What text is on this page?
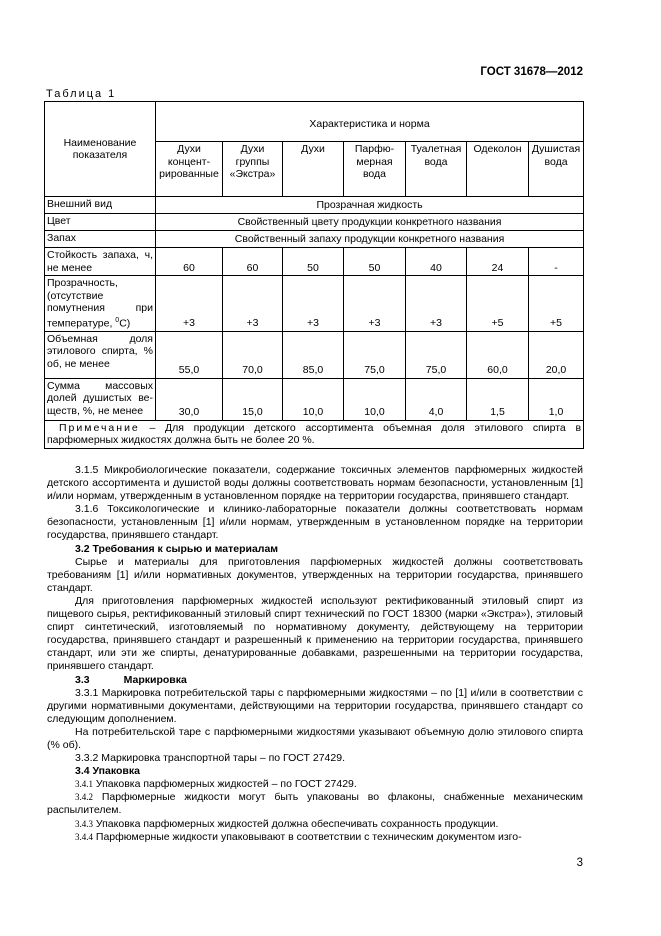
ГОСТ 31678—2012
Таблица 1
Наименование показателя	Характеристика и норма						
	Духи концентрированные	Духи группы «Экстра»	Духи	Парфюмерная вода	Туалетная вода	Одеколон	Душистая вода
Внешний вид	Прозрачная жидкость						
Цвет	Свойственный цвету продукции конкретного названия						
Запах	Свойственный запаху продукции конкретного названия						
Стойкость запаха, ч, не менее	60	60	50	50	40	24	-
Прозрачность, (отсутствие помутнения при температуре, $^0$С)	+3	+3	+3	+3	+3	+5	+5
Объемная доля этилового спирта, % об, не менее	55,0	70,0	85,0	75,0	75,0	60,0	20,0
Сумма массовых долей душистых веществ, %, не менее	30,0	15,0	10,0	10,0	4,0	1,5	1,0
Примечание – Для продукции детского ассортимента объемная доля этилового спирта в парфюмерных жидкостях должна быть не более 20 %.							

3.1.5 Микробиологические показатели, содержание токсичных элементов парфюмерных жидкостей детского ассортимента и душистой воды должны соответствовать нормам безопасности, установленным [1] и/или нормам, утвержденным в установленном порядке на территории государства, принявшего стандарт.

3.1.6 Токсикологические и клинико-лабораторные показатели должны соответствовать нормам безопасности, установленным [1] и/или нормам, утвержденным в установленном порядке на территории государства, принявшего стандарт.

3.2 Требования к сырью и материалам

Сырье и материалы для приготовления парфюмерных жидкостей должны соответствовать требованиям [1] и/или нормативных документов, утвержденных на территории государства, принявшего стандарт.

Для приготовления парфюмерных жидкостей используют ректификованный этиловый спирт из пищевого сырья, ректификованный этиловый спирт технический по ГОСТ 18300 (марки «Экстра»), этиловый спирт синтетический, изготовляемый по нормативному документу, действующему на территории государства, принявшего стандарт и разрешенный к применению на территории государства, принявшего стандарт, или эти же спирты, денатурированные добавками, разрешенными на территории государства, принявшего стандарт.

3.3	Маркировка

3.3.1 Маркировка потребительской тары с парфюмерными жидкостями – по [1] и/или в соответствии с другими нормативными документами, действующими на территории государства, принявшего стандарт со следующим дополнением.

На потребительской таре с парфюмерными жидкостями указывают объемную долю этилового спирта (% об).

3.3.2 Маркировка транспортной тары – по ГОСТ 27429.

3.4 Упаковка

3.4.1 Упаковка парфюмерных жидкостей – по ГОСТ 27429.

3.4.2 Парфюмерные жидкости могут быть упакованы во флаконы, снабженные механическим распылителем.

3.4.3 Упаковка парфюмерных жидкостей должна обеспечивать сохранность продукции.

3.4.4 Парфюмерные жидкости упаковывают в соответствии с техническим документом изго-

3
